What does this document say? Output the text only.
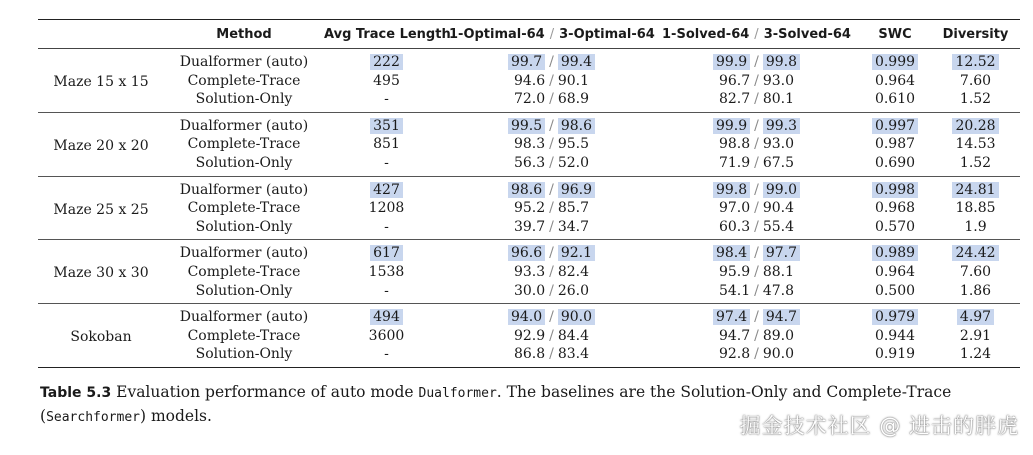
	Method	Avg Trace Length	1-Optimal-64 / 3-Optimal-64	1-Solved-64 / 3-Solved-64	SWC	Diversity
Maze 15 x 15	Dualformer (auto)	222	99.7 / 99.4	99.9 / 99.8	0.999	12.52
	Complete-Trace	495	94.6 / 90.1	96.7 / 93.0	0.964	7.60
	Solution-Only	-	72.0 / 68.9	82.7 / 80.1	0.610	1.52
Maze 20 x 20	Dualformer (auto)	351	99.5 / 98.6	99.9 / 99.3	0.997	20.28
	Complete-Trace	851	98.3 / 95.5	98.8 / 93.0	0.987	14.53
	Solution-Only	-	56.3 / 52.0	71.9 / 67.5	0.690	1.52
Maze 25 x 25	Dualformer (auto)	427	98.6 / 96.9	99.8 / 99.0	0.998	24.81
	Complete-Trace	1208	95.2 / 85.7	97.0 / 90.4	0.968	18.85
	Solution-Only	-	39.7 / 34.7	60.3 / 55.4	0.570	1.9
Maze 30 x 30	Dualformer (auto)	617	96.6 / 92.1	98.4 / 97.7	0.989	24.42
	Complete-Trace	1538	93.3 / 82.4	95.9 / 88.1	0.964	7.60
	Solution-Only	-	30.0 / 26.0	54.1 / 47.8	0.500	1.86
Sokoban	Dualformer (auto)	494	94.0 / 90.0	97.4 / 94.7	0.979	4.97
	Complete-Trace	3600	92.9 / 84.4	94.7 / 89.0	0.944	2.91
	Solution-Only	-	86.8 / 83.4	92.8 / 90.0	0.919	1.24
Table 5.3 Evaluation performance of auto mode Dualformer. The baselines are the Solution-Only and Complete-Trace (Searchformer) models.	掘金技术社区 @ 进击的胖虎
